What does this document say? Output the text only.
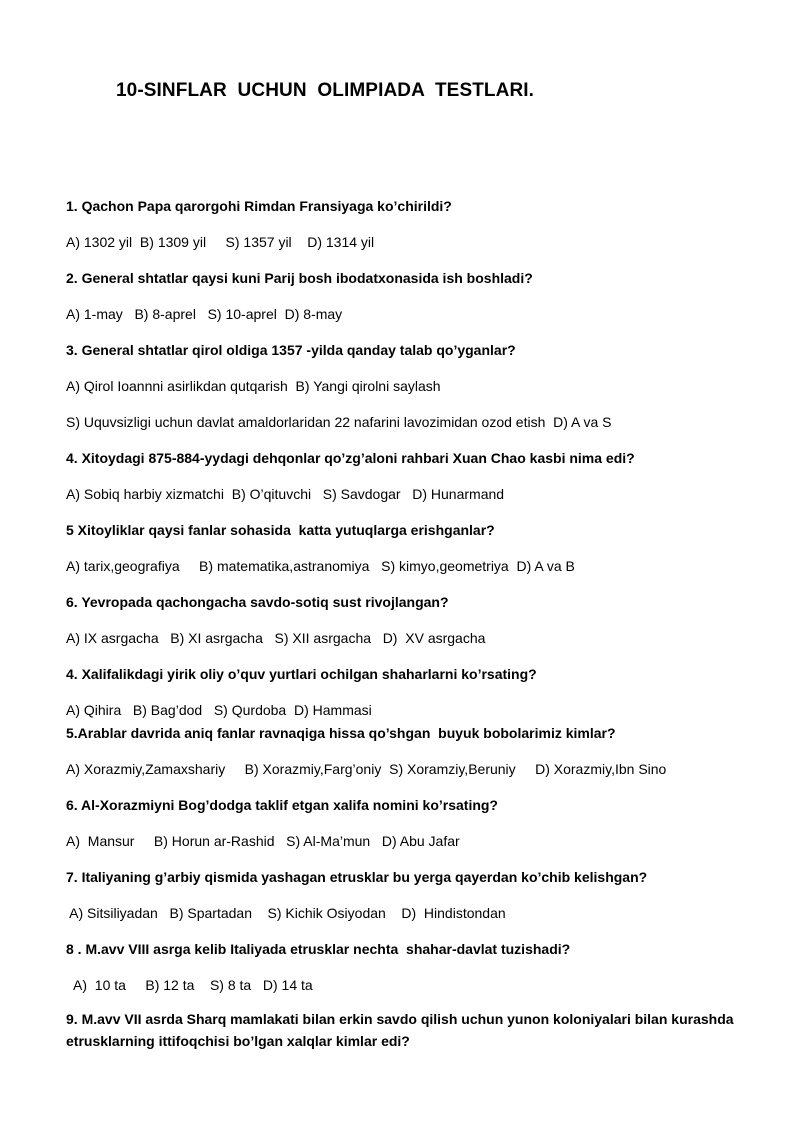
10-SINFLAR  UCHUN  OLIMPIADA  TESTLARI.
1. Qachon Papa qarorgohi Rimdan Fransiyaga ko’chirildi?
A) 1302 yil  B) 1309 yil     S) 1357 yil    D) 1314 yil
2. General shtatlar qaysi kuni Parij bosh ibodatxonasida ish boshladi?
A) 1-may   B) 8-aprel   S) 10-aprel  D) 8-may
3. General shtatlar qirol oldiga 1357 -yilda qanday talab qo’yganlar?
A) Qirol Ioannni asirlikdan qutqarish  B) Yangi qirolni saylash
S) Uquvsizligi uchun davlat amaldorlaridan 22 nafarini lavozimidan ozod etish  D) A va S
4. Xitoydagi 875-884-yydagi dehqonlar qo’zg’aloni rahbari Xuan Chao kasbi nima edi?
A) Sobiq harbiy xizmatchi  B) O’qituvchi   S) Savdogar   D) Hunarmand
5 Xitoyliklar qaysi fanlar sohasida  katta yutuqlarga erishganlar?
A) tarix,geografiya     B) matematika,astranomiya   S) kimyo,geometriya  D) A va B
6. Yevropada qachongacha savdo-sotiq sust rivojlangan?
A) IX asrgacha   B) XI asrgacha   S) XII asrgacha   D)  XV asrgacha
4. Xalifalikdagi yirik oliy o’quv yurtlari ochilgan shaharlarni ko’rsating?
A) Qihira   B) Bag’dod   S) Qurdoba  D) Hammasi
5.Arablar davrida aniq fanlar ravnaqiga hissa qo’shgan  buyuk bobolarimiz kimlar?
A) Xorazmiy,Zamaxshariy     B) Xorazmiy,Farg’oniy  S) Xoramziy,Beruniy     D) Xorazmiy,Ibn Sino
6. Al-Xorazmiyni Bog’dodga taklif etgan xalifa nomini ko’rsating?
A)  Mansur     B) Horun ar-Rashid   S) Al-Ma’mun   D) Abu Jafar
7. Italiyaning g’arbiy qismida yashagan etrusklar bu yerga qayerdan ko’chib kelishgan?
A) Sitsiliyadan   B) Spartadan    S) Kichik Osiyodan    D)  Hindistondan
8 . M.avv VIII asrga kelib Italiyada etrusklar nechta  shahar-davlat tuzishadi?
A)  10 ta     B) 12 ta    S) 8 ta   D) 14 ta
9. M.avv VII asrda Sharq mamlakati bilan erkin savdo qilish uchun yunon koloniyalari bilan kurashda etrusklarning ittifoqchisi bo’lgan xalqlar kimlar edi?
